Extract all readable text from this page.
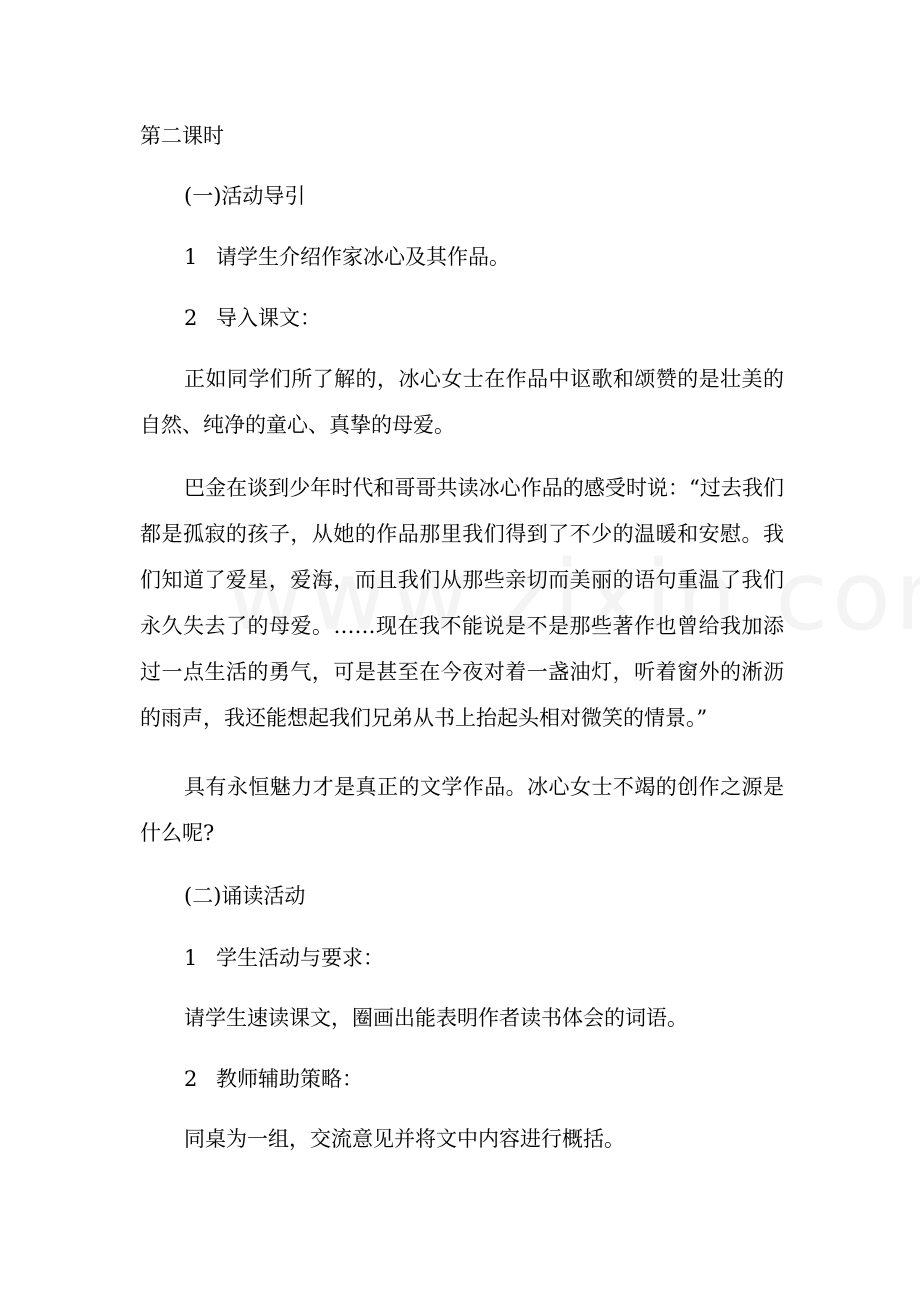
第二课时
(一)活动导引
1 请学生介绍作家冰心及其作品。
2 导入课文：
正如同学们所了解的，冰心女士在作品中讴歌和颂赞的是壮美的自然、纯净的童心、真挚的母爱。
巴金在谈到少年时代和哥哥共读冰心作品的感受时说：“过去我们都是孤寂的孩子，从她的作品那里我们得到了不少的温暖和安慰。我们知道了爱星，爱海，而且我们从那些亲切而美丽的语句重温了我们永久失去了的母爱。……现在我不能说是不是那些著作也曾给我加添过一点生活的勇气，可是甚至在今夜对着一盏油灯，听着窗外的淅沥的雨声，我还能想起我们兄弟从书上抬起头相对微笑的情景。”
具有永恒魅力才是真正的文学作品。冰心女士不竭的创作之源是什么呢?
(二)诵读活动
1 学生活动与要求：
请学生速读课文，圈画出能表明作者读书体会的词语。
2 教师辅助策略：
同桌为一组，交流意见并将文中内容进行概括。
